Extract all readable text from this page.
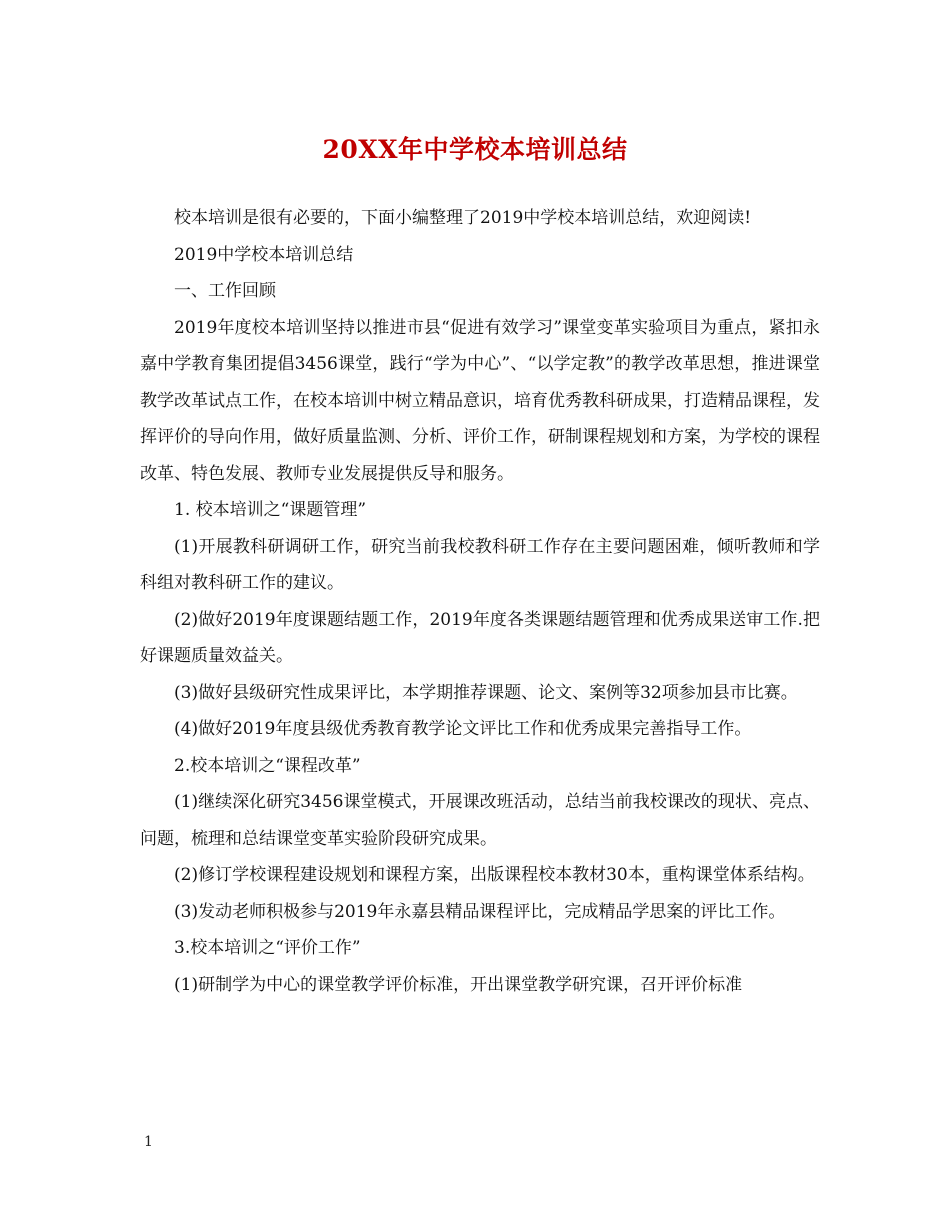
20XX年中学校本培训总结

校本培训是很有必要的，下面小编整理了2019中学校本培训总结，欢迎阅读!

2019中学校本培训总结

一、工作回顾

2019年度校本培训坚持以推进市县“促进有效学习”课堂变革实验项目为重点，紧扣永嘉中学教育集团提倡3456课堂，践行“学为中心”、“以学定教”的教学改革思想，推进课堂教学改革试点工作，在校本培训中树立精品意识，培育优秀教科研成果，打造精品课程，发挥评价的导向作用，做好质量监测、分析、评价工作，研制课程规划和方案，为学校的课程改革、特色发展、教师专业发展提供反导和服务。

1. 校本培训之“课题管理”

(1)开展教科研调研工作，研究当前我校教科研工作存在主要问题困难，倾听教师和学科组对教科研工作的建议。

(2)做好2019年度课题结题工作，2019年度各类课题结题管理和优秀成果送审工作.把好课题质量效益关。

(3)做好县级研究性成果评比，本学期推荐课题、论文、案例等32项参加县市比赛。

(4)做好2019年度县级优秀教育教学论文评比工作和优秀成果完善指导工作。

2.校本培训之“课程改革”

(1)继续深化研究3456课堂模式，开展课改班活动，总结当前我校课改的现状、亮点、问题，梳理和总结课堂变革实验阶段研究成果。

(2)修订学校课程建设规划和课程方案，出版课程校本教材30本，重构课堂体系结构。

(3)发动老师积极参与2019年永嘉县精品课程评比，完成精品学思案的评比工作。

3.校本培训之“评价工作”

(1)研制学为中心的课堂教学评价标准，开出课堂教学研究课，召开评价标准

1
